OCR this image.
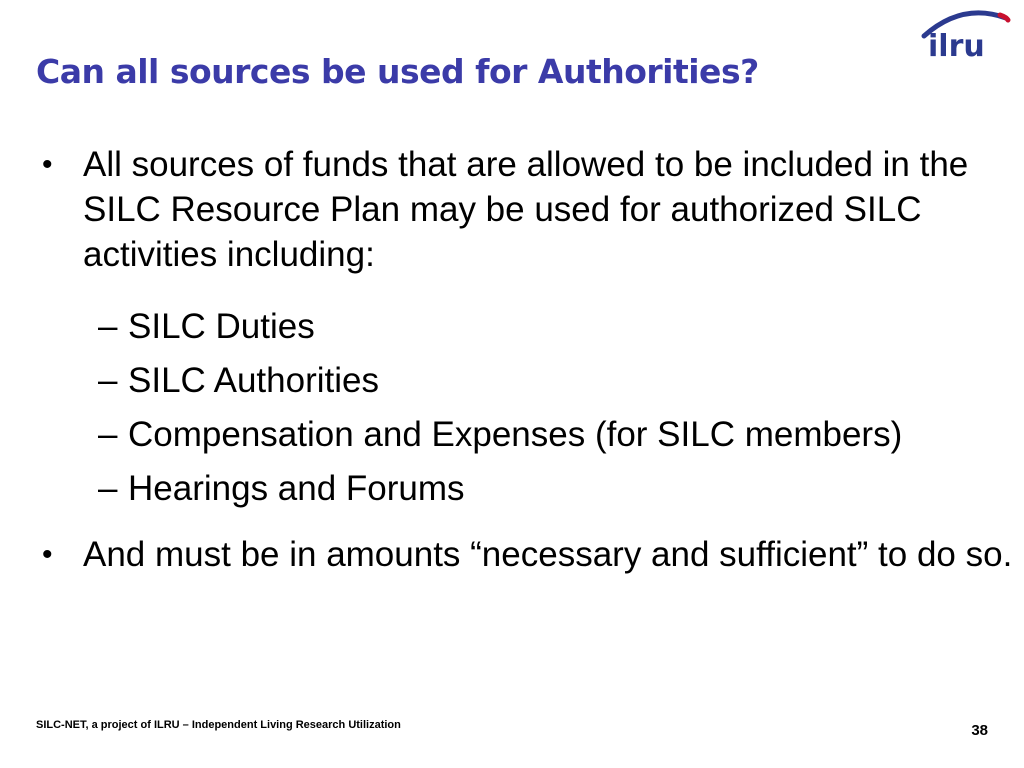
Can all sources be used for Authorities?
ilru
• All sources of funds that are allowed to be included in the SILC Resource Plan may be used for authorized SILC activities including:
– SILC Duties
– SILC Authorities
– Compensation and Expenses (for SILC members)
– Hearings and Forums
• And must be in amounts “necessary and sufficient” to do so.
SILC-NET, a project of ILRU – Independent Living Research Utilization	38
